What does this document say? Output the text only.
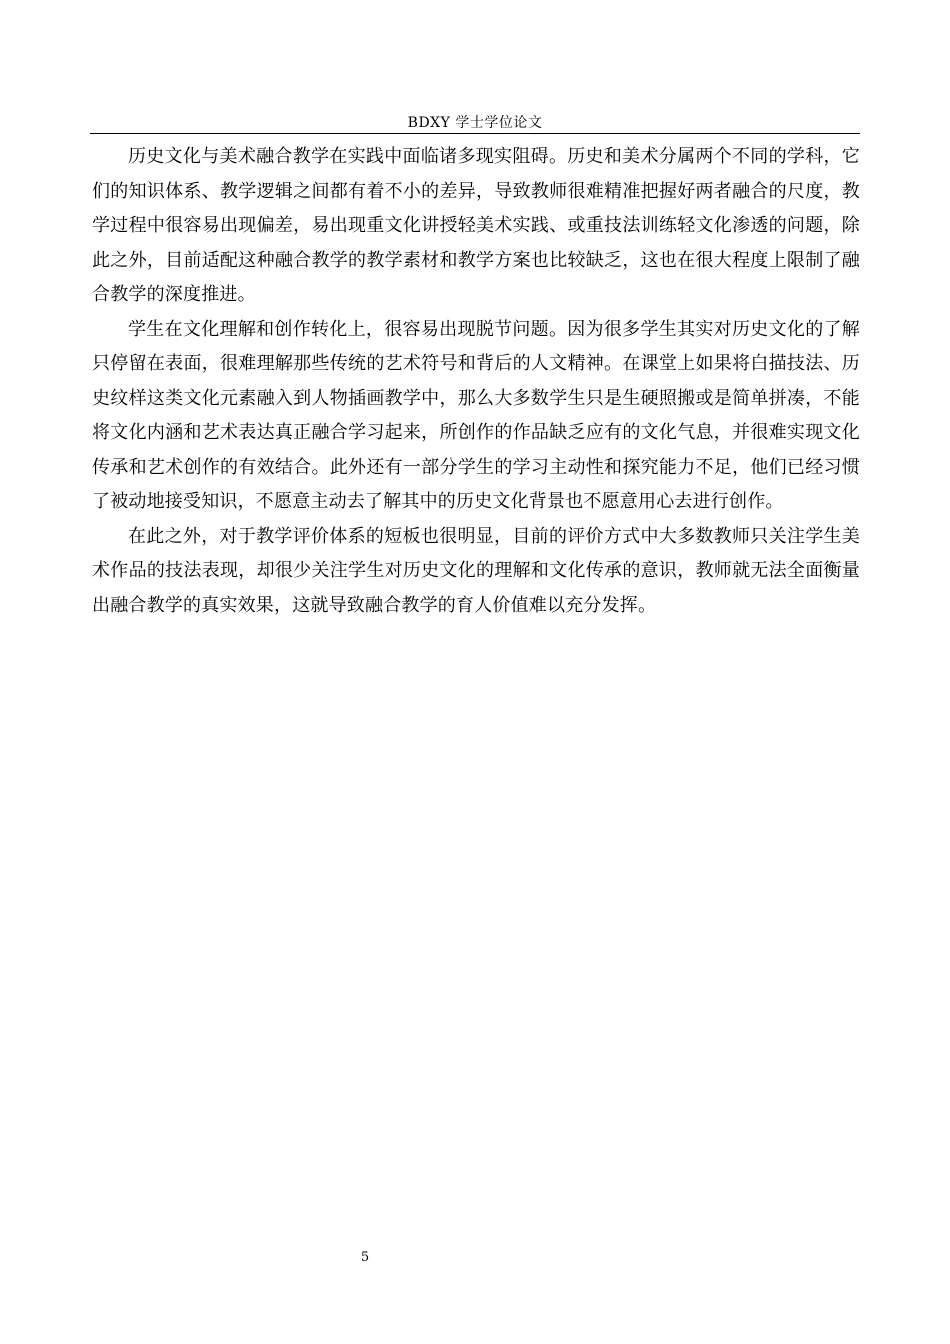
BDXY 学士学位论文

历史文化与美术融合教学在实践中面临诸多现实阻碍。历史和美术分属两个不同的学科，它们的知识体系、教学逻辑之间都有着不小的差异，导致教师很难精准把握好两者融合的尺度，教学过程中很容易出现偏差，易出现重文化讲授轻美术实践、或重技法训练轻文化渗透的问题，除此之外，目前适配这种融合教学的教学素材和教学方案也比较缺乏，这也在很大程度上限制了融合教学的深度推进。

学生在文化理解和创作转化上，很容易出现脱节问题。因为很多学生其实对历史文化的了解只停留在表面，很难理解那些传统的艺术符号和背后的人文精神。在课堂上如果将白描技法、历史纹样这类文化元素融入到人物插画教学中，那么大多数学生只是生硬照搬或是简单拼凑，不能将文化内涵和艺术表达真正融合学习起来，所创作的作品缺乏应有的文化气息，并很难实现文化传承和艺术创作的有效结合。此外还有一部分学生的学习主动性和探究能力不足，他们已经习惯了被动地接受知识，不愿意主动去了解其中的历史文化背景也不愿意用心去进行创作。

在此之外，对于教学评价体系的短板也很明显，目前的评价方式中大多数教师只关注学生美术作品的技法表现，却很少关注学生对历史文化的理解和文化传承的意识，教师就无法全面衡量出融合教学的真实效果，这就导致融合教学的育人价值难以充分发挥。

5
